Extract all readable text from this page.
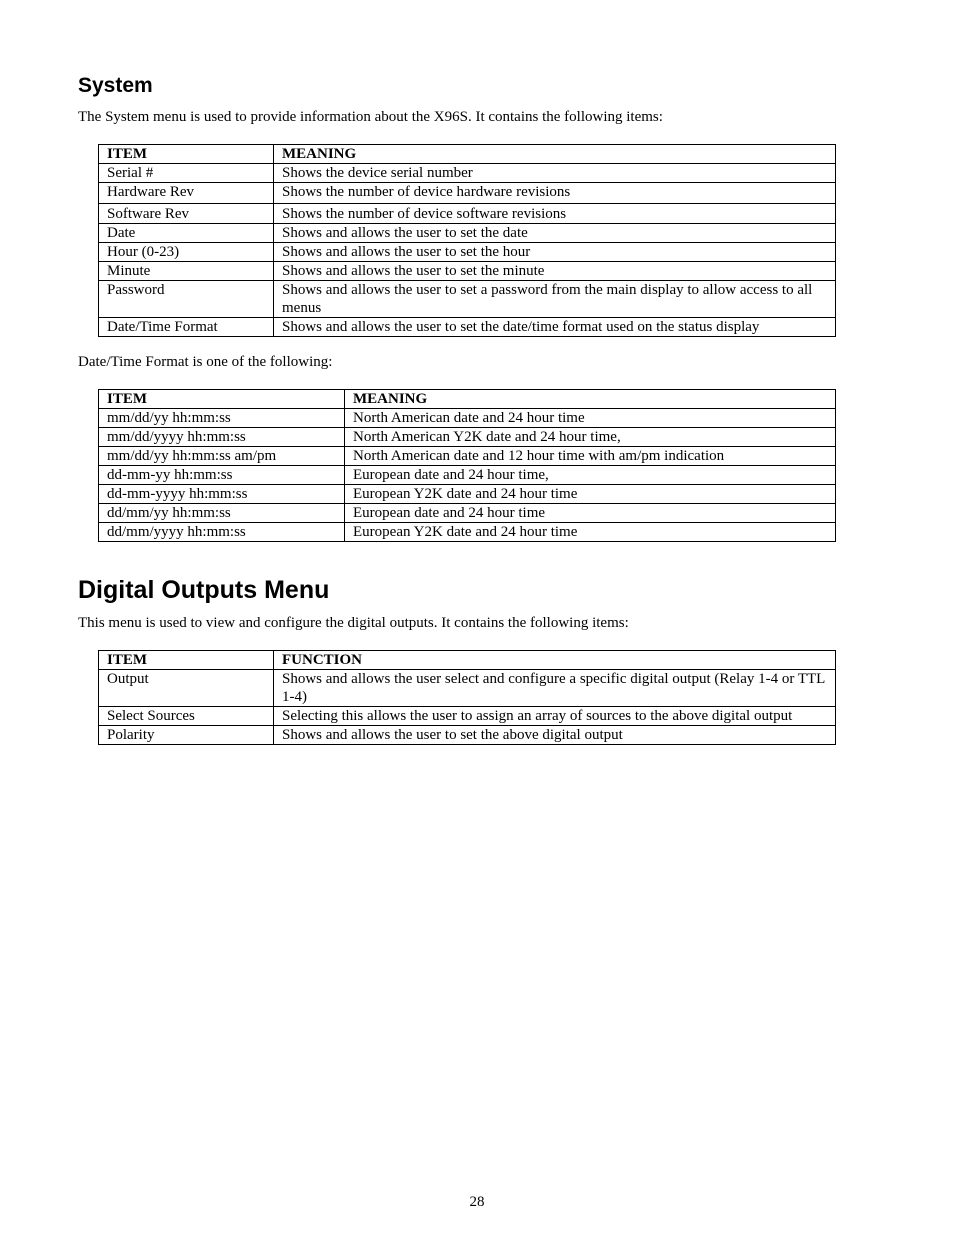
System

The System menu is used to provide information about the X96S. It contains the following items:

ITEM	MEANING
Serial #	Shows the device serial number
Hardware Rev	Shows the number of device hardware revisions
Software Rev	Shows the number of device software revisions
Date	Shows and allows the user to set the date
Hour (0-23)	Shows and allows the user to set the hour
Minute	Shows and allows the user to set the minute
Password	Shows and allows the user to set a password from the main display to allow access to all menus
Date/Time Format	Shows and allows the user to set the date/time format used on the status display

Date/Time Format is one of the following:

ITEM	MEANING
mm/dd/yy hh:mm:ss	North American date and 24 hour time
mm/dd/yyyy hh:mm:ss	North American Y2K date and 24 hour time,
mm/dd/yy hh:mm:ss am/pm	North American date and 12 hour time with am/pm indication
dd-mm-yy hh:mm:ss	European date and 24 hour time,
dd-mm-yyyy hh:mm:ss	European Y2K date and 24 hour time
dd/mm/yy hh:mm:ss	European date and 24 hour time
dd/mm/yyyy hh:mm:ss	European Y2K date and 24 hour time
Digital Outputs Menu

This menu is used to view and configure the digital outputs. It contains the following items:

ITEM	FUNCTION
Output	Shows and allows the user select and configure a specific digital output (Relay 1-4 or TTL 1-4)
Select Sources	Selecting this allows the user to assign an array of sources to the above digital output
Polarity	Shows and allows the user to set the above digital output
28
